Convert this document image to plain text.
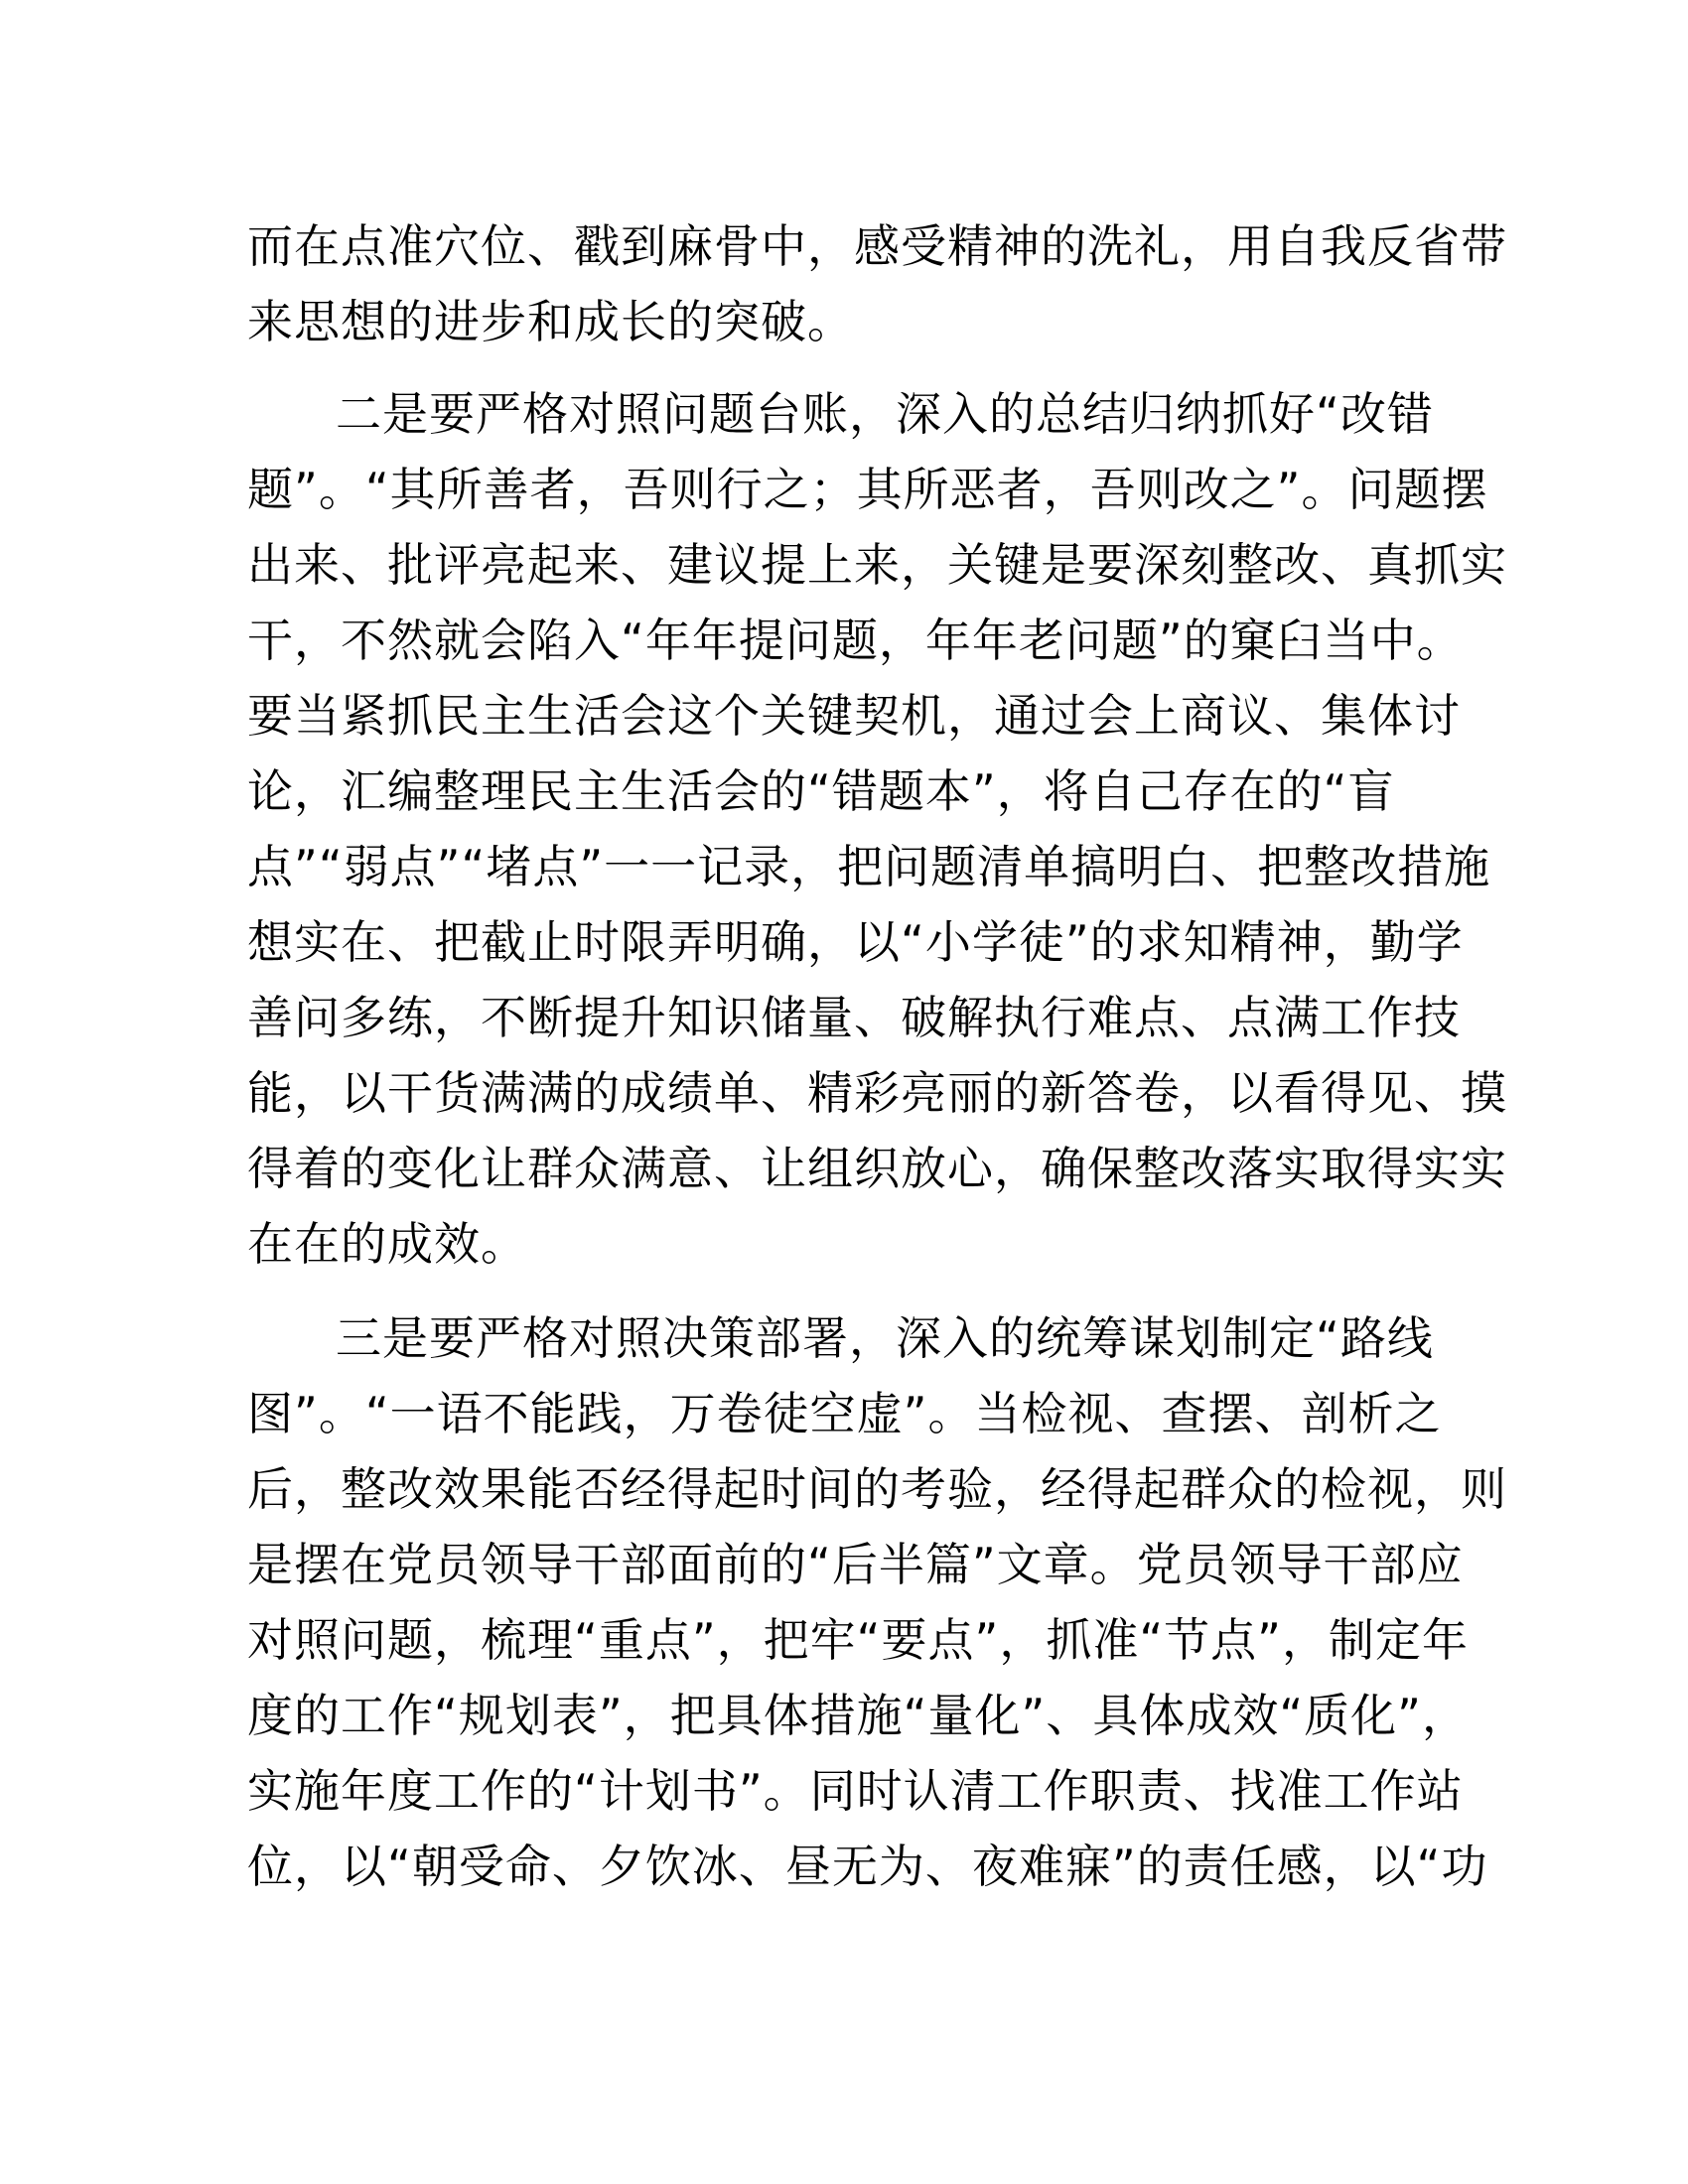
而在点准穴位、戳到麻骨中，感受精神的洗礼，用自我反省带
来思想的进步和成长的突破。
二是要严格对照问题台账，深入的总结归纳抓好“改错
题”。“其所善者，吾则行之；其所恶者，吾则改之”。问题摆
出来、批评亮起来、建议提上来，关键是要深刻整改、真抓实
干，不然就会陷入“年年提问题，年年老问题”的窠臼当中。
要当紧抓民主生活会这个关键契机，通过会上商议、集体讨
论，汇编整理民主生活会的“错题本”，将自己存在的“盲
点”“弱点”“堵点”一一记录，把问题清单搞明白、把整改措施
想实在、把截止时限弄明确，以“小学徒”的求知精神，勤学
善问多练，不断提升知识储量、破解执行难点、点满工作技
能，以干货满满的成绩单、精彩亮丽的新答卷，以看得见、摸
得着的变化让群众满意、让组织放心，确保整改落实取得实实
在在的成效。
三是要严格对照决策部署，深入的统筹谋划制定“路线
图”。“一语不能践，万卷徒空虚”。当检视、查摆、剖析之
后，整改效果能否经得起时间的考验，经得起群众的检视，则
是摆在党员领导干部面前的“后半篇”文章。党员领导干部应
对照问题，梳理“重点”，把牢“要点”，抓准“节点”，制定年
度的工作“规划表”，把具体措施“量化”、具体成效“质化”，
实施年度工作的“计划书”。同时认清工作职责、找准工作站
位，以“朝受命、夕饮冰、昼无为、夜难寐”的责任感，以“功
